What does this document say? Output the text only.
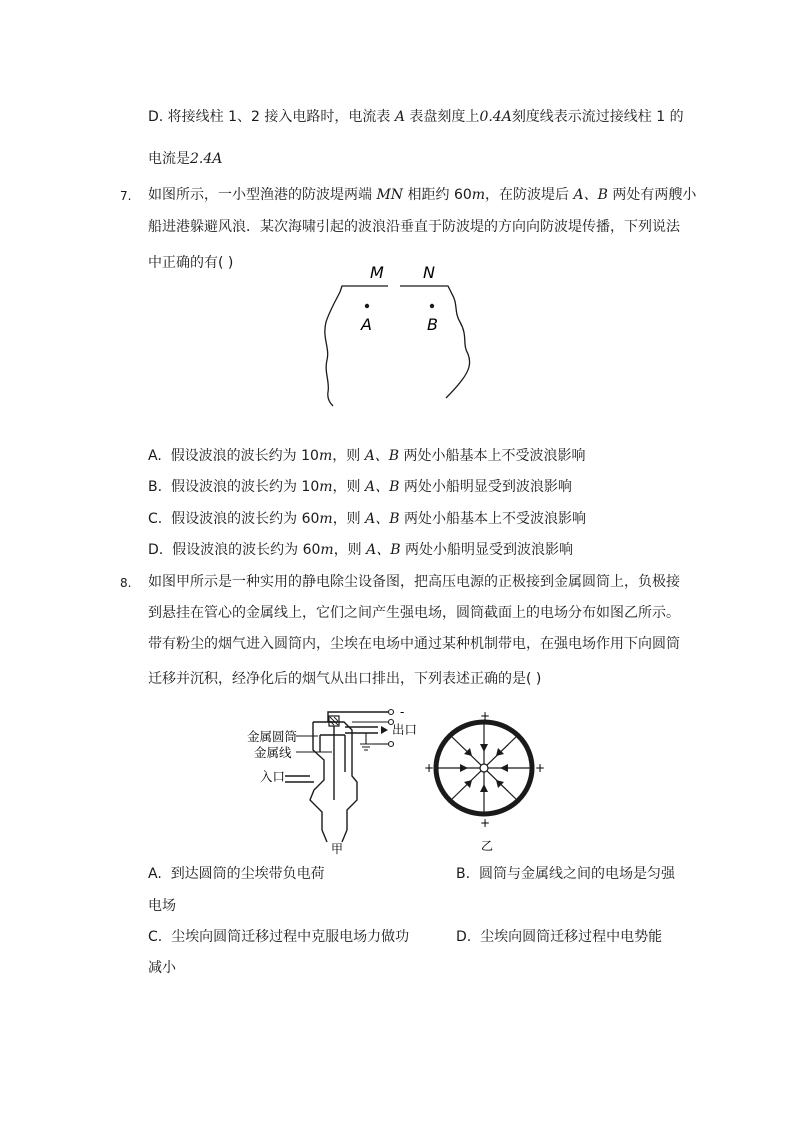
D. 将接线柱 1、2 接入电路时，电流表 A 表盘刻度上0.4A刻度线表示流过接线柱 1 的
电流是2.4A
7. 如图所示，一小型渔港的防波堤两端 MN 相距约 60m，在防波堤后 A、B 两处有两艘小
船进港躲避风浪．某次海啸引起的波浪沿垂直于防波堤的方向向防波堤传播，下列说法
中正确的有( )	M N
A	B
A. 假设波浪的波长约为 10m，则 A、B 两处小船基本上不受波浪影响
B. 假设波浪的波长约为 10m，则 A、B 两处小船明显受到波浪影响
C. 假设波浪的波长约为 60m，则 A、B 两处小船基本上不受波浪影响
D. 假设波浪的波长约为 60m，则 A、B 两处小船明显受到波浪影响
8. 如图甲所示是一种实用的静电除尘设备图，把高压电源的正极接到金属圆筒上，负极接
到悬挂在管心的金属线上，它们之间产生强电场，圆筒截面上的电场分布如图乙所示。
带有粉尘的烟气进入圆筒内，尘埃在电场中通过某种机制带电，在强电场作用下向圆筒
迁移并沉积，经净化后的烟气从出口排出，下列表述正确的是( )
-
金属圆筒
金属线
入口
出口
甲
+
+	+
+
乙
A. 到达圆筒的尘埃带负电荷	B. 圆筒与金属线之间的电场是匀强
电场
C. 尘埃向圆筒迁移过程中克服电场力做功	D. 尘埃向圆筒迁移过程中电势能
减小
